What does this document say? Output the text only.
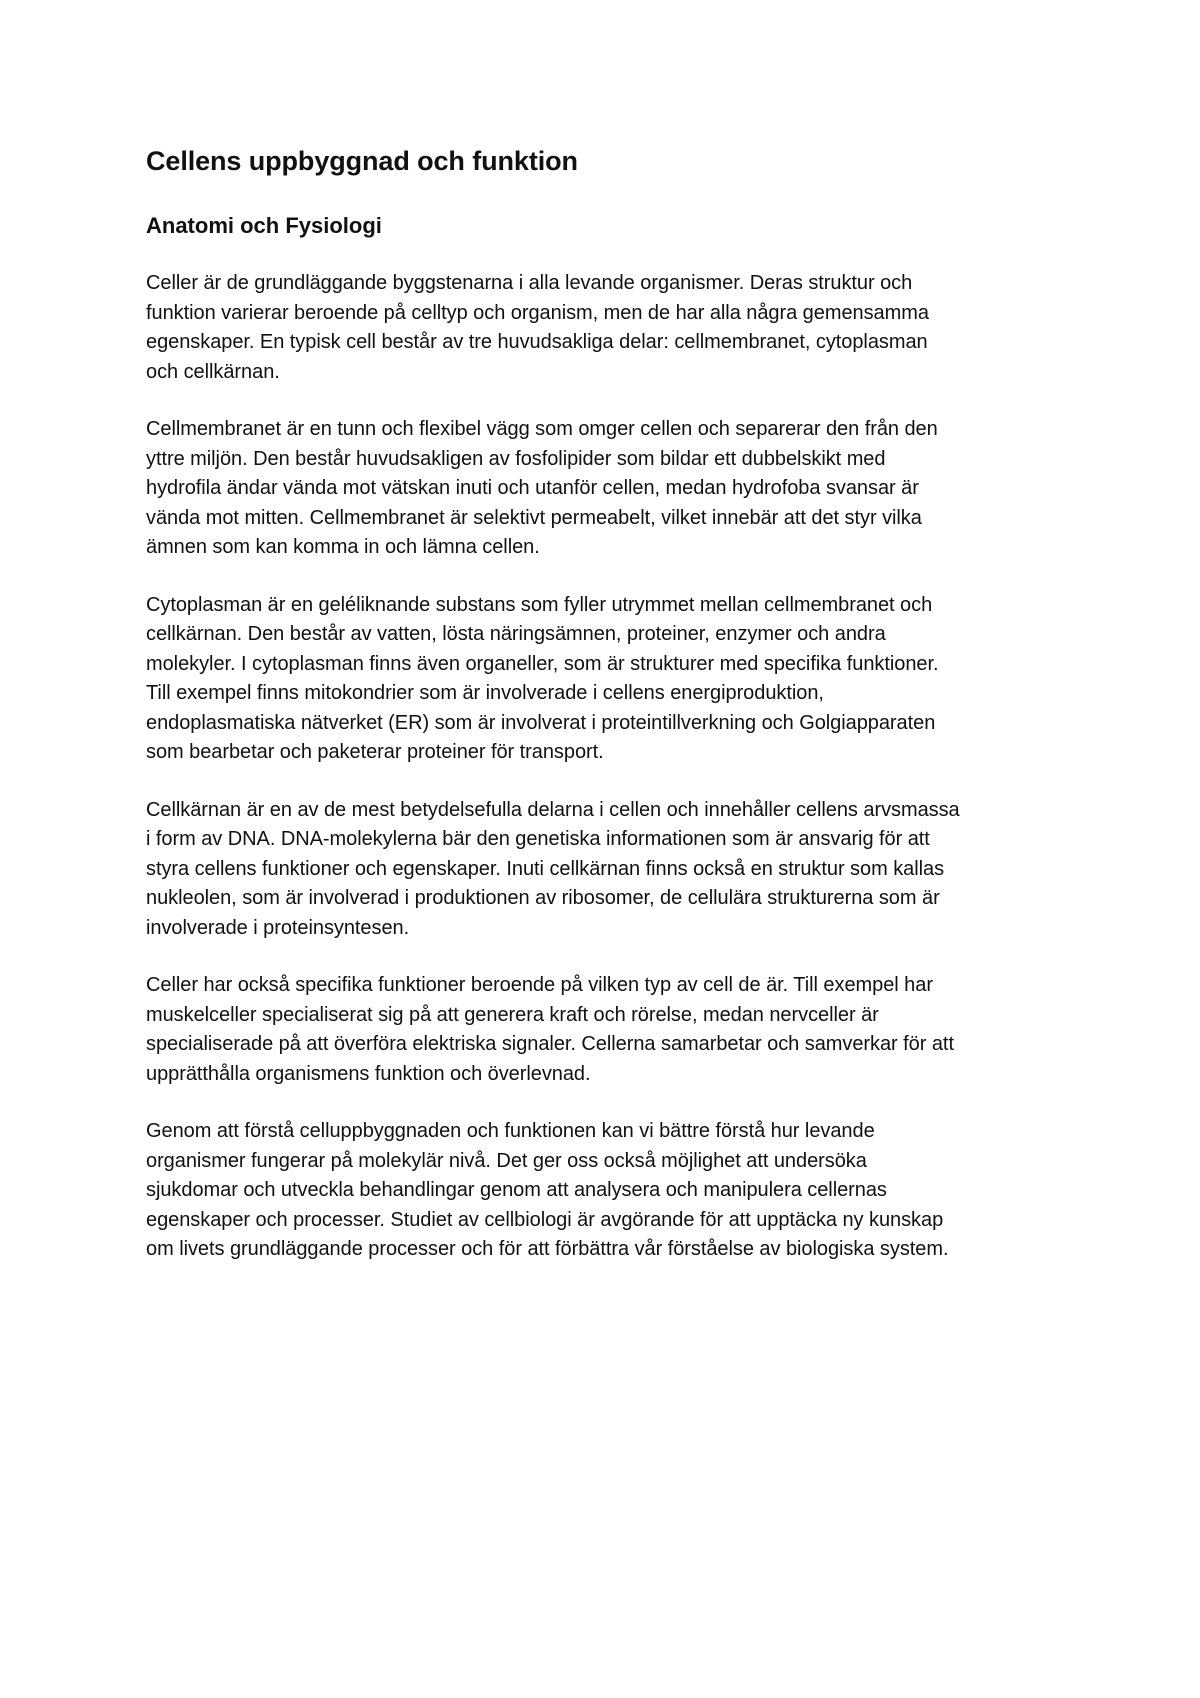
Cellens uppbyggnad och funktion
Anatomi och Fysiologi

Celler är de grundläggande byggstenarna i alla levande organismer. Deras struktur och
funktion varierar beroende på celltyp och organism, men de har alla några gemensamma
egenskaper. En typisk cell består av tre huvudsakliga delar: cellmembranet, cytoplasman
och cellkärnan.

Cellmembranet är en tunn och flexibel vägg som omger cellen och separerar den från den
yttre miljön. Den består huvudsakligen av fosfolipider som bildar ett dubbelskikt med
hydrofila ändar vända mot vätskan inuti och utanför cellen, medan hydrofoba svansar är
vända mot mitten. Cellmembranet är selektivt permeabelt, vilket innebär att det styr vilka
ämnen som kan komma in och lämna cellen.

Cytoplasman är en geléliknande substans som fyller utrymmet mellan cellmembranet och
cellkärnan. Den består av vatten, lösta näringsämnen, proteiner, enzymer och andra
molekyler. I cytoplasman finns även organeller, som är strukturer med specifika funktioner.
Till exempel finns mitokondrier som är involverade i cellens energiproduktion,
endoplasmatiska nätverket (ER) som är involverat i proteintillverkning och Golgiapparaten
som bearbetar och paketerar proteiner för transport.

Cellkärnan är en av de mest betydelsefulla delarna i cellen och innehåller cellens arvsmassa
i form av DNA. DNA-molekylerna bär den genetiska informationen som är ansvarig för att
styra cellens funktioner och egenskaper. Inuti cellkärnan finns också en struktur som kallas
nukleolen, som är involverad i produktionen av ribosomer, de cellulära strukturerna som är
involverade i proteinsyntesen.

Celler har också specifika funktioner beroende på vilken typ av cell de är. Till exempel har
muskelceller specialiserat sig på att generera kraft och rörelse, medan nervceller är
specialiserade på att överföra elektriska signaler. Cellerna samarbetar och samverkar för att
upprätthålla organismens funktion och överlevnad.

Genom att förstå celluppbyggnaden och funktionen kan vi bättre förstå hur levande
organismer fungerar på molekylär nivå. Det ger oss också möjlighet att undersöka
sjukdomar och utveckla behandlingar genom att analysera och manipulera cellernas
egenskaper och processer. Studiet av cellbiologi är avgörande för att upptäcka ny kunskap
om livets grundläggande processer och för att förbättra vår förståelse av biologiska system.
